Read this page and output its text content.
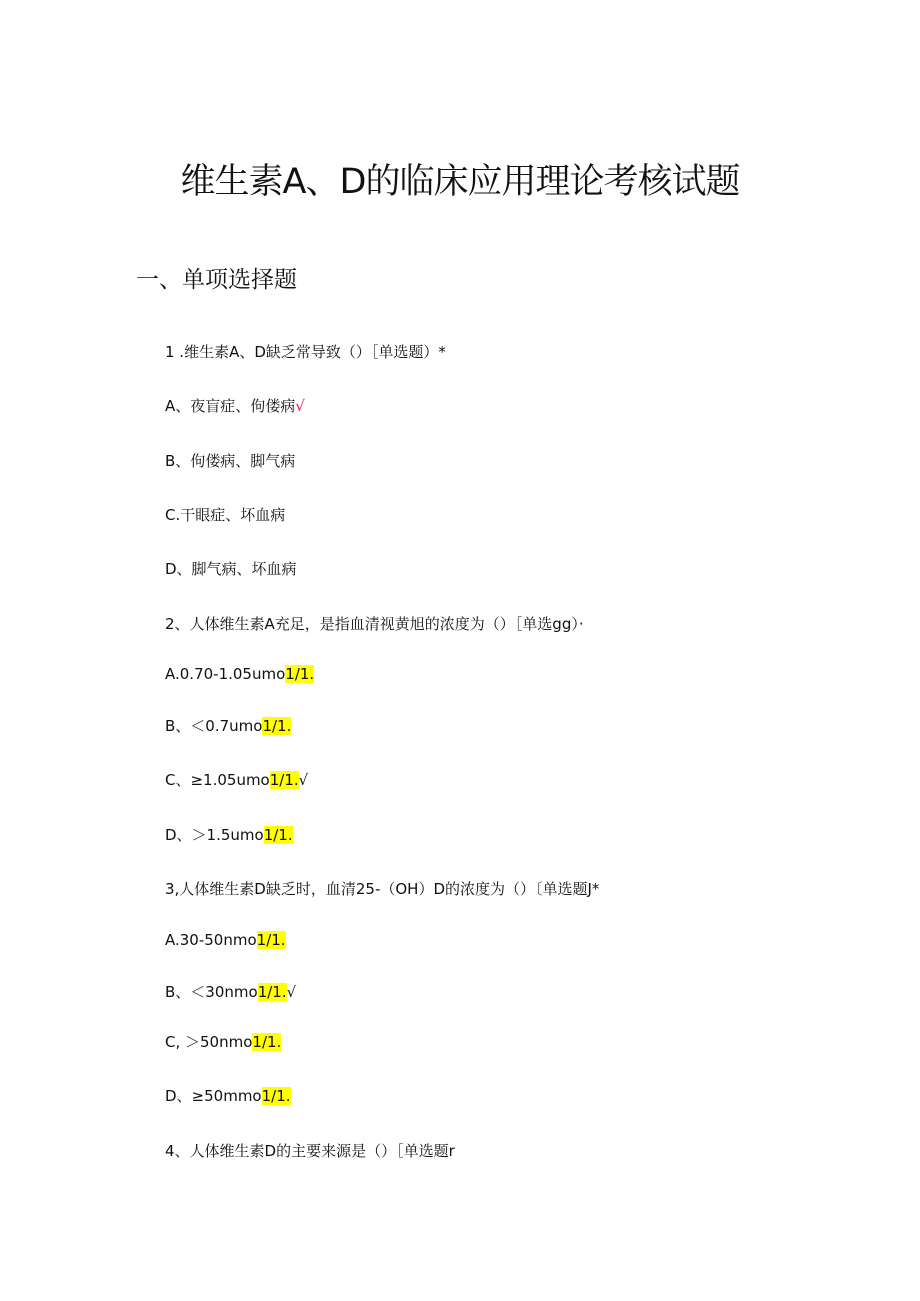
维生素A、D的临床应用理论考核试题
一、单项选择题
1 .维生素A、D缺乏常导致（）［单选题）*
A、夜盲症、佝偻病√
B、佝偻病、脚气病
C.干眼症、坏血病
D、脚气病、坏血病
2、人体维生素A充足，是指血清视黄旭的浓度为（）［单选gg）·
A.0.70-1.05umo1/1.
B、＜0.7umo1/1.
C、≥1.05umo1/1.√
D、＞1.5umo1/1.
3,人体维生素D缺乏时，血清25-（OH）D的浓度为（）〔单选题J*
A.30-50nmo1/1.
B、＜30nmo1/1.√
C, ＞50nmo1/1.
D、≥50mmo1/1.
4、人体维生素D的主要来源是（）［单选题r
